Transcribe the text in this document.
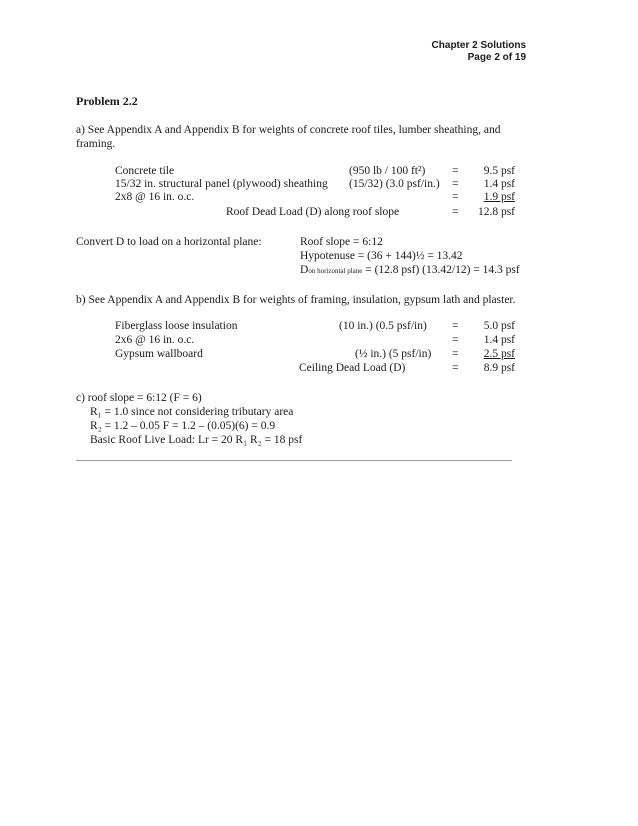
Chapter 2 Solutions
Page 2 of 19
Problem 2.2
a) See Appendix A and Appendix B for weights of concrete roof tiles, lumber sheathing, and
framing.
Concrete tile	(950 lb / 100 ft²) =	9.5 psf
15/32 in. structural panel (plywood) sheathing (15/32) (3.0 psf/in.) =	1.4 psf
2x8 @ 16 in. o.c.	=	1.9 psf
Roof Dead Load (D) along roof slope	=	12.8 psf
Convert D to load on a horizontal plane:	Roof slope = 6:12
Hypotenuse = (36 + 144)½ = 13.42
Don horizontal plane = (12.8 psf) (13.42/12) = 14.3 psf
b) See Appendix A and Appendix B for weights of framing, insulation, gypsum lath and plaster.
Fiberglass loose insulation	(10 in.) (0.5 psf/in) =	5.0 psf
2x6 @ 16 in. o.c.	=	1.4 psf
Gypsum wallboard	(½ in.) (5 psf/in) =	2.5 psf
Ceiling Dead Load (D)	=	8.9 psf
c) roof slope = 6:12 (F = 6)
R₁ = 1.0 since not considering tributary area
R₂ = 1.2 – 0.05 F = 1.2 – (0.05)(6) = 0.9
Basic Roof Live Load: Lr = 20 R₁ R₂ = 18 psf
